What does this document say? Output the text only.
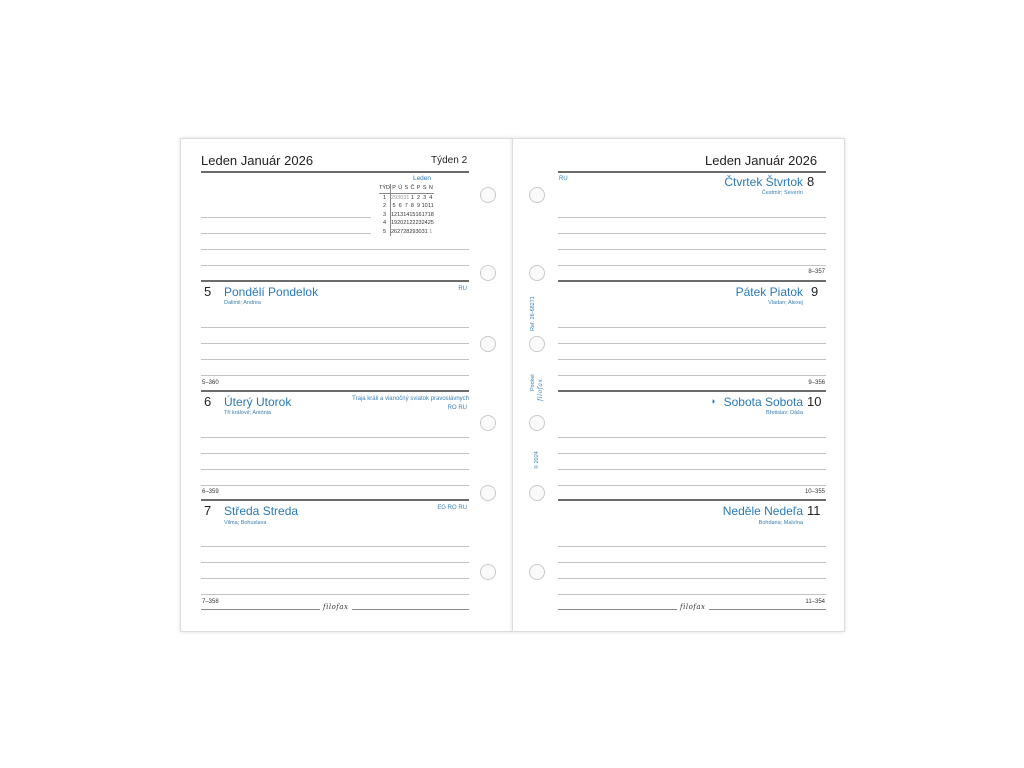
Leden Január 2026	Týden 2
Leden
TÝD	P	Ú	S	Č	P	S	N
1	29	30	31	1	2	3	4
2	5	6	7	8	9	10	11
3	12	13	14	15	16	17	18
4	19	20	21	22	23	24	25
5	26	27	28	29	30	31	1
5 Pondělí Pondelok
Dalimil; Andrea
RU
5–360
6 Úterý Utorok
Tři králové; Antónia
Traja králi a vianočný sviatok pravoslávnych
RO RU
6–359
7 Středa Streda
Vilma; Bohuslava
EG RO RU
7–358
filofax
Leden Január 2026
Ref. 26-68271
Pocket filofax
© 2024
RU	Čtvrtek Štvrtok 8
Čestmír; Severín
8–357
Pátek Piatok 9
Vladan; Alexej
9–356
Sobota Sobota
◑	10
Břetislav; Dáša
10–355
Neděle Nedeľa 11
Bohdana; Malvína
11–354
filofax
